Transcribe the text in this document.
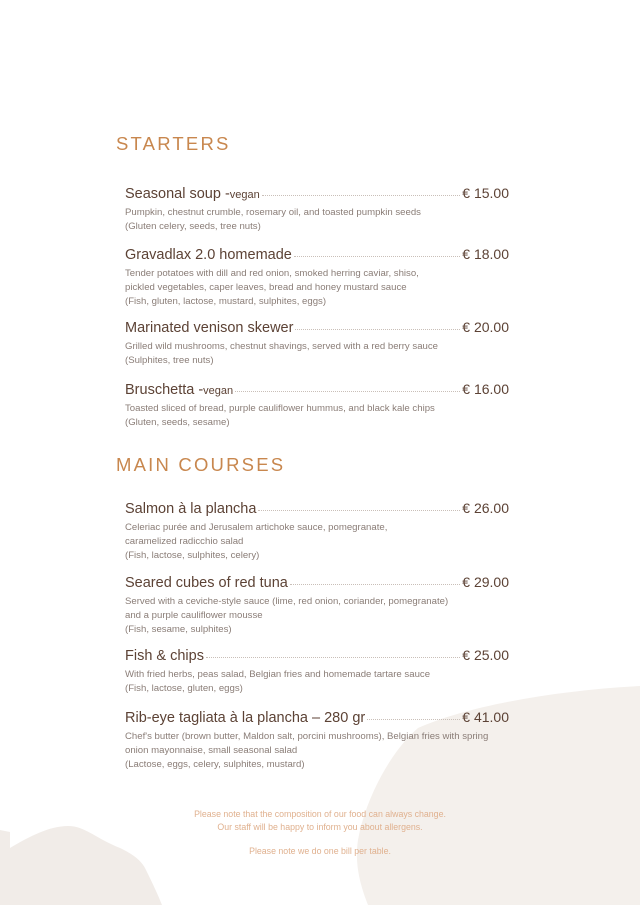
STARTERS
Seasonal soup - vegan	€ 15.00
Pumpkin, chestnut crumble, rosemary oil, and toasted pumpkin seeds
(Gluten celery, seeds, tree nuts)
Gravadlax 2.0 homemade	€ 18.00
Tender potatoes with dill and red onion, smoked herring caviar, shiso,
pickled vegetables, caper leaves, bread and honey mustard sauce
(Fish, gluten, lactose, mustard, sulphites, eggs)
Marinated venison skewer	€ 20.00
Grilled wild mushrooms, chestnut shavings, served with a red berry sauce
(Sulphites, tree nuts)
Bruschetta - vegan	€ 16.00
Toasted sliced of bread, purple cauliflower hummus, and black kale chips
(Gluten, seeds, sesame)
MAIN COURSES
Salmon à la plancha	€ 26.00
Celeriac purée and Jerusalem artichoke sauce, pomegranate,
caramelized radicchio salad
(Fish, lactose, sulphites, celery)
Seared cubes of red tuna	€ 29.00
Served with a ceviche-style sauce (lime, red onion, coriander, pomegranate)
and a purple cauliflower mousse
(Fish, sesame, sulphites)
Fish & chips	€ 25.00
With fried herbs, peas salad, Belgian fries and homemade tartare sauce
(Fish, lactose, gluten, eggs)
Rib-eye tagliata à la plancha – 280 gr	€ 41.00
Chef's butter (brown butter, Maldon salt, porcini mushrooms), Belgian fries with spring
onion mayonnaise, small seasonal salad
(Lactose, eggs, celery, sulphites, mustard)
Please note that the composition of our food can always change.
Our staff will be happy to inform you about allergens.
Please note we do one bill per table.
